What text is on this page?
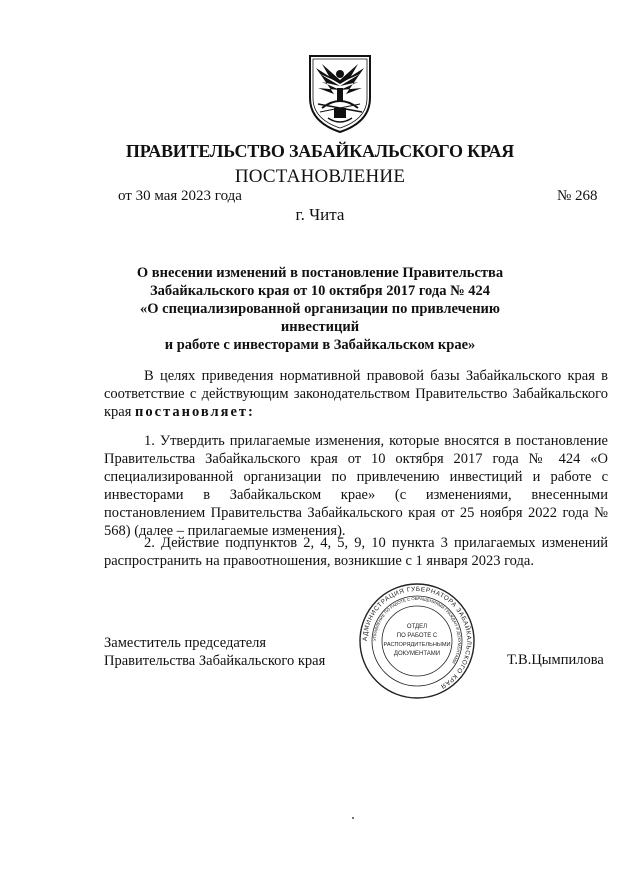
ПРАВИТЕЛЬСТВО ЗАБАЙКАЛЬСКОГО КРАЯ
ПОСТАНОВЛЕНИЕ
от 30 мая 2023 года	№ 268
г. Чита
О внесении изменений в постановление Правительства
Забайкальского края от 10 октября 2017 года № 424
«О специализированной организации по привлечению инвестиций
и работе с инвесторами в Забайкальском крае»
В целях приведения нормативной правовой базы Забайкальского края в соответствие с действующим законодательством Правительство Забайкальского края постановляет:
1. Утвердить прилагаемые изменения, которые вносятся в постановление Правительства Забайкальского края от 10 октября 2017 года № 424 «О специализированной организации по привлечению инвестиций и работе с инвесторами в Забайкальском крае» (с изменениями, внесенными постановлением Правительства Забайкальского края от 25 ноября 2022 года № 568) (далее – прилагаемые изменения).
2. Действие подпунктов 2, 4, 5, 9, 10 пункта 3 прилагаемых изменений распространить на правоотношения, возникшие с 1 января 2023 года.
Заместитель председателя
Правительства Забайкальского края	Т.В.Цымпилова
АДМИНИСТРАЦИЯ ГУБЕРНАТОРА ЗАБАЙКАЛЬСКОГО КРАЯ
УПРАВЛЕНИЕ ПО РАБОТЕ С ОБРАЩЕНИЯМИ ГРАЖДАН И ДОКУМЕНТАМИ
ОТДЕЛ
ПО РАБОТЕ С
РАСПОРЯДИТЕЛЬНЫМИ
ДОКУМЕНТАМИ
